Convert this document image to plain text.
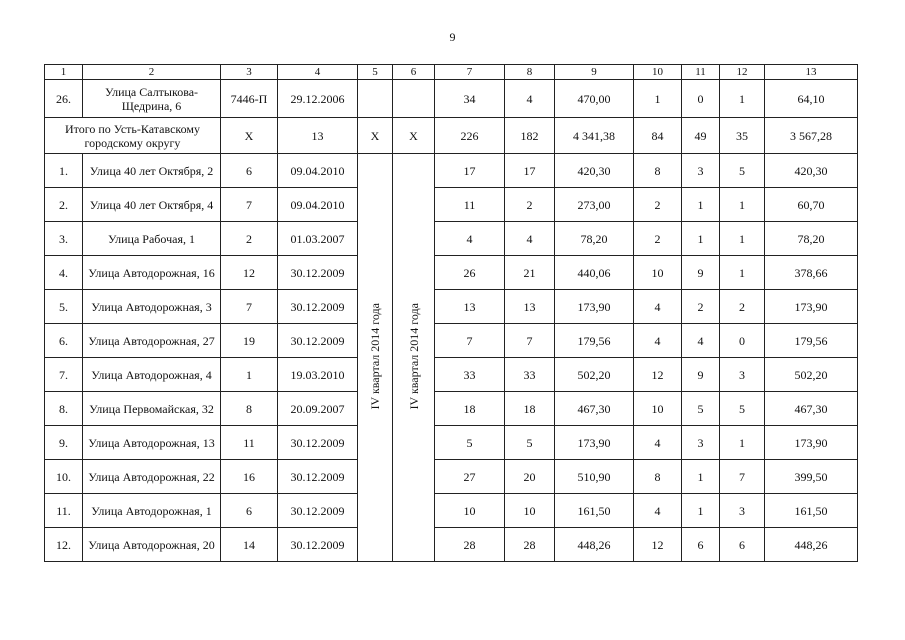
9
1	2	3	4	5	6	7	8	9	10	11	12	13
26.	Улица Салтыкова-Щедрина, 6	7446-П	29.12.2006			34	4	470,00	1	0	1	64,10
Итого по Усть-Катавскому городскому округу		X	13	X	X	226	182	4 341,38	84	49	35	3 567,28
1.	Улица 40 лет Октября, 2	6	09.04.2010	IV квартал 2014 года	IV квартал 2014 года	17	17	420,30	8	3	5	420,30
2.	Улица 40 лет Октября, 4	7	09.04.2010			11	2	273,00	2	1	1	60,70
3.	Улица Рабочая, 1	2	01.03.2007			4	4	78,20	2	1	1	78,20
4.	Улица Автодорожная, 16	12	30.12.2009			26	21	440,06	10	9	1	378,66
5.	Улица Автодорожная, 3	7	30.12.2009			13	13	173,90	4	2	2	173,90
6.	Улица Автодорожная, 27	19	30.12.2009			7	7	179,56	4	4	0	179,56
7.	Улица Автодорожная, 4	1	19.03.2010			33	33	502,20	12	9	3	502,20
8.	Улица Первомайская, 32	8	20.09.2007			18	18	467,30	10	5	5	467,30
9.	Улица Автодорожная, 13	11	30.12.2009			5	5	173,90	4	3	1	173,90
10.	Улица Автодорожная, 22	16	30.12.2009			27	20	510,90	8	1	7	399,50
11.	Улица Автодорожная, 1	6	30.12.2009			10	10	161,50	4	1	3	161,50
12.	Улица Автодорожная, 20	14	30.12.2009			28	28	448,26	12	6	6	448,26
